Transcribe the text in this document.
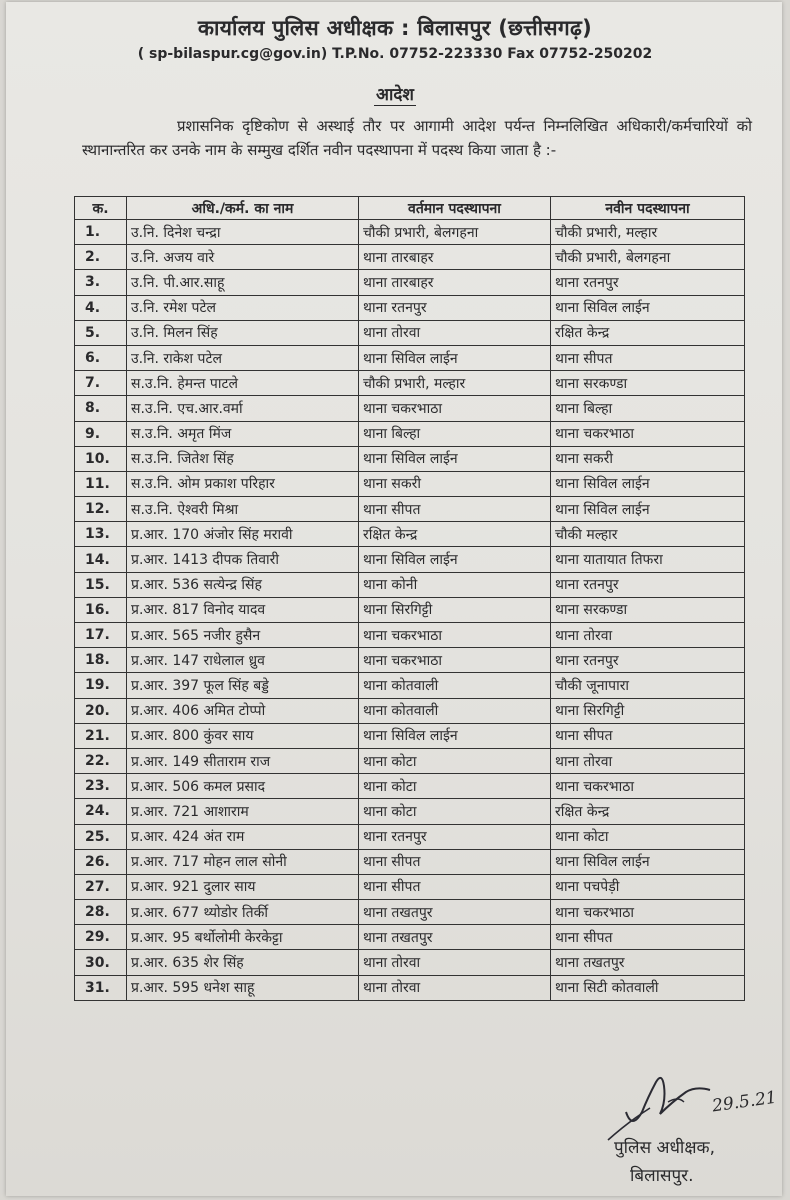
कार्यालय पुलिस अधीक्षक : बिलासपुर (छत्तीसगढ़)
( sp-bilaspur.cg@gov.in) T.P.No. 07752-223330 Fax 07752-250202
आदेश
प्रशासनिक दृष्टिकोण से अस्थाई तौर पर आगामी आदेश पर्यन्त निम्नलिखित अधिकारी/कर्मचारियों को स्थानान्तरित कर उनके नाम के सम्मुख दर्शित नवीन पदस्थापना में पदस्थ किया जाता है :-
क.	अधि./कर्म. का नाम	वर्तमान पदस्थापना	नवीन पदस्थापना
1.	उ.नि. दिनेश चन्द्रा	चौकी प्रभारी, बेलगहना	चौकी प्रभारी, मल्हार
2.	उ.नि. अजय वारे	थाना तारबाहर	चौकी प्रभारी, बेलगहना
3.	उ.नि. पी.आर.साहू	थाना तारबाहर	थाना रतनपुर
4.	उ.नि. रमेश पटेल	थाना रतनपुर	थाना सिविल लाईन
5.	उ.नि. मिलन सिंह	थाना तोरवा	रक्षित केन्द्र
6.	उ.नि. राकेश पटेल	थाना सिविल लाईन	थाना सीपत
7.	स.उ.नि. हेमन्त पाटले	चौकी प्रभारी, मल्हार	थाना सरकण्डा
8.	स.उ.नि. एच.आर.वर्मा	थाना चकरभाठा	थाना बिल्हा
9.	स.उ.नि. अमृत मिंज	थाना बिल्हा	थाना चकरभाठा
10.	स.उ.नि. जितेश सिंह	थाना सिविल लाईन	थाना सकरी
11.	स.उ.नि. ओम प्रकाश परिहार	थाना सकरी	थाना सिविल लाईन
12.	स.उ.नि. ऐश्वरी मिश्रा	थाना सीपत	थाना सिविल लाईन
13.	प्र.आर. 170 अंजोर सिंह मरावी	रक्षित केन्द्र	चौकी मल्हार
14.	प्र.आर. 1413 दीपक तिवारी	थाना सिविल लाईन	थाना यातायात तिफरा
15.	प्र.आर. 536 सत्येन्द्र सिंह	थाना कोनी	थाना रतनपुर
16.	प्र.आर. 817 विनोद यादव	थाना सिरगिट्टी	थाना सरकण्डा
17.	प्र.आर. 565 नजीर हुसैन	थाना चकरभाठा	थाना तोरवा
18.	प्र.आर. 147 राधेलाल ध्रुव	थाना चकरभाठा	थाना रतनपुर
19.	प्र.आर. 397 फूल सिंह बड्डे	थाना कोतवाली	चौकी जूनापारा
20.	प्र.आर. 406 अमित टोप्पो	थाना कोतवाली	थाना सिरगिट्टी
21.	प्र.आर. 800 कुंवर साय	थाना सिविल लाईन	थाना सीपत
22.	प्र.आर. 149 सीताराम राज	थाना कोटा	थाना तोरवा
23.	प्र.आर. 506 कमल प्रसाद	थाना कोटा	थाना चकरभाठा
24.	प्र.आर. 721 आशाराम	थाना कोटा	रक्षित केन्द्र
25.	प्र.आर. 424 अंत राम	थाना रतनपुर	थाना कोटा
26.	प्र.आर. 717 मोहन लाल सोनी	थाना सीपत	थाना सिविल लाईन
27.	प्र.आर. 921 दुलार साय	थाना सीपत	थाना पचपेड़ी
28.	प्र.आर. 677 थ्योडोर तिर्की	थाना तखतपुर	थाना चकरभाठा
29.	प्र.आर. 95 बर्थोलोमी केरकेट्टा	थाना तखतपुर	थाना सीपत
30.	प्र.आर. 635 शेर सिंह	थाना तोरवा	थाना तखतपुर
31.	प्र.आर. 595 धनेश साहू	थाना तोरवा	थाना सिटी कोतवाली
29.5.21
पुलिस अधीक्षक,
बिलासपुर.
